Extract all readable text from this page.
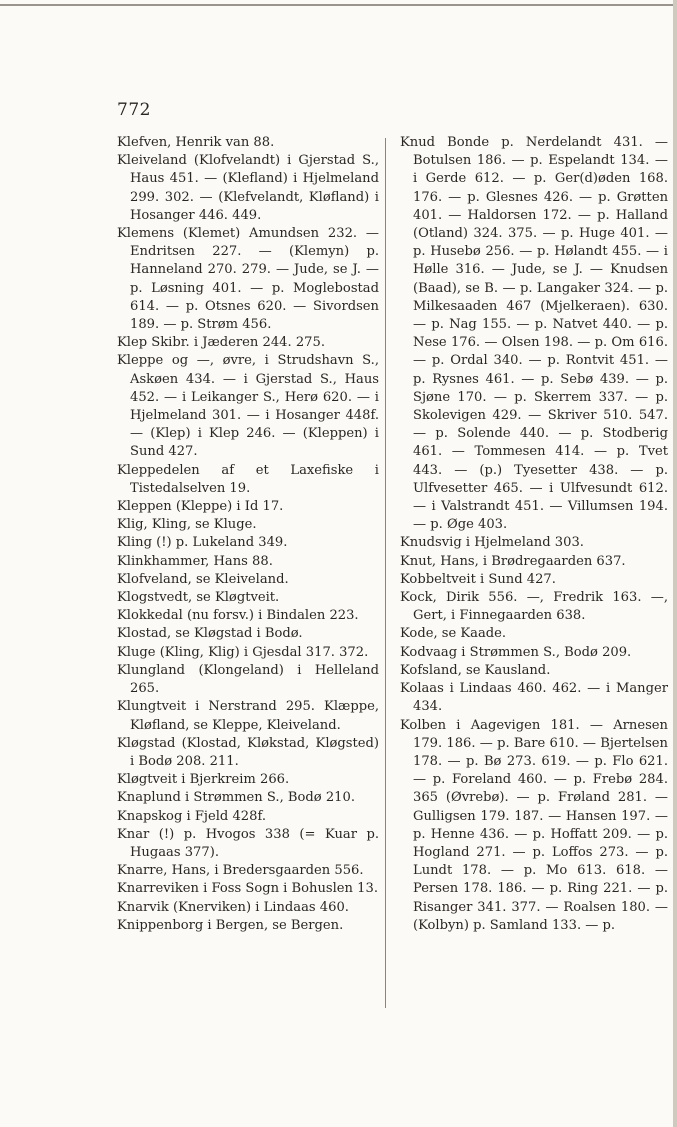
772

Klefven, Henrik van 88.

Kleiveland (Klofvelandt) i Gjerstad S., Haus 451. — (Klefland) i Hjelmeland 299. 302. — (Klefvelandt, Kløfland) i Hosanger 446. 449.

Klemens (Klemet) Amundsen 232. — Endritsen 227. — (Klemyn) p. Hanneland 270. 279. — Jude, se J. — p. Løsning 401. — p. Moglebostad 614. — p. Otsnes 620. — Sivordsen 189. — p. Strøm 456.

Klep Skibr. i Jæderen 244. 275.

Kleppe og —, øvre, i Strudshavn S., Askøen 434. — i Gjerstad S., Haus 452. — i Leikanger S., Herø 620. — i Hjelmeland 301. — i Hosanger 448f. — (Klep) i Klep 246. — (Kleppen) i Sund 427.

Kleppedelen af et Laxefiske i Tistedalselven 19.

Kleppen (Kleppe) i Id 17.

Klig, Kling, se Kluge.

Kling (!) p. Lukeland 349.

Klinkhammer, Hans 88.

Klofveland, se Kleiveland.

Klogstvedt, se Kløgtveit.

Klokkedal (nu forsv.) i Bindalen 223.

Klostad, se Kløgstad i Bodø.

Kluge (Kling, Klig) i Gjesdal 317. 372.

Klungland (Klongeland) i Helleland 265.

Klungtveit i Nerstrand 295. Klæppe, Kløfland, se Kleppe, Kleiveland.

Kløgstad (Klostad, Kløkstad, Kløgsted) i Bodø 208. 211.

Kløgtveit i Bjerkreim 266.

Knaplund i Strømmen S., Bodø 210.

Knapskog i Fjeld 428f.

Knar (!) p. Hvogos 338 (= Kuar p. Hugaas 377).

Knarre, Hans, i Bredersgaarden 556.

Knarreviken i Foss Sogn i Bohuslen 13.

Knarvik (Knerviken) i Lindaas 460.

Knippenborg i Bergen, se Bergen.

Knud Bonde p. Nerdelandt 431. — Botulsen 186. — p. Espelandt 134. — i Gerde 612. — p. Ger(d)øden 168. 176. — p. Glesnes 426. — p. Grøtten 401. — Haldorsen 172. — p. Halland (Otland) 324. 375. — p. Huge 401. — p. Husebø 256. — p. Hølandt 455. — i Hølle 316. — Jude, se J. — Knudsen (Baad), se B. — p. Langaker 324. — p. Milkesaaden 467 (Mjelkeraen). 630. — p. Nag 155. — p. Natvet 440. — p. Nese 176. — Olsen 198. — p. Om 616. — p. Ordal 340. — p. Rontvit 451. — p. Rysnes 461. — p. Sebø 439. — p. Sjøne 170. — p. Skerrem 337. — p. Skolevigen 429. — Skriver 510. 547. — p. Solende 440. — p. Stodberig 461. — Tommesen 414. — p. Tvet 443. — (p.) Tyesetter 438. — p. Ulfvesetter 465. — i Ulfvesundt 612. — i Valstrandt 451. — Villumsen 194. — p. Øge 403.

Knudsvig i Hjelmeland 303.

Knut, Hans, i Brødregaarden 637.

Kobbeltveit i Sund 427.

Kock, Dirik 556. —, Fredrik 163. —, Gert, i Finnegaarden 638.

Kode, se Kaade.

Kodvaag i Strømmen S., Bodø 209.

Kofsland, se Kausland.

Kolaas i Lindaas 460. 462. — i Manger 434.

Kolben i Aagevigen 181. — Arnesen 179. 186. — p. Bare 610. — Bjertelsen 178. — p. Bø 273. 619. — p. Flo 621. — p. Foreland 460. — p. Frebø 284. 365 (Øvrebø). — p. Frøland 281. — Gulligsen 179. 187. — Hansen 197. — p. Henne 436. — p. Hoffatt 209. — p. Hogland 271. — p. Loffos 273. — p. Lundt 178. — p. Mo 613. 618. — Persen 178. 186. — p. Ring 221. — p. Risanger 341. 377. — Roalsen 180. — (Kolbyn) p. Samland 133. — p.
